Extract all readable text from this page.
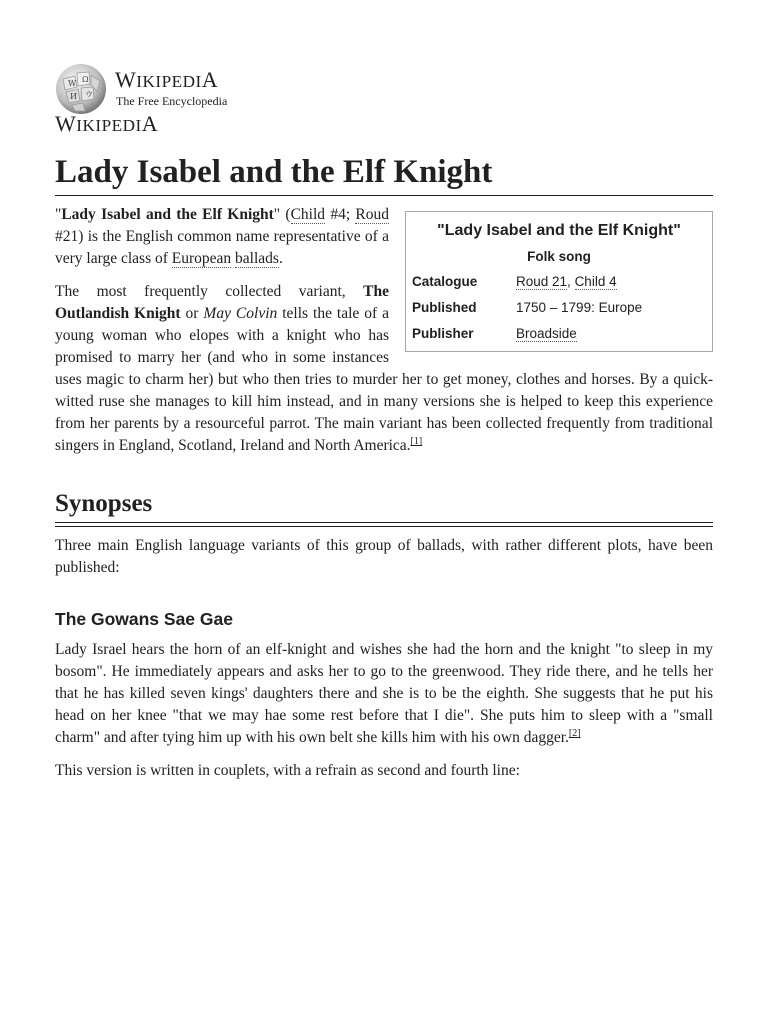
W Ω
И ウ
WIKIPEDIA
The Free Encyclopedia
WIKIPEDIA
Lady Isabel and the Elf Knight
"Lady Isabel and the Elf Knight"
Folk song
Catalogue	Roud 21, Child 4
Published	1750 – 1799: Europe
Publisher	Broadside

"Lady Isabel and the Elf Knight" (Child #4; Roud #21) is the English common name representative of a very large class of European ballads.

The most frequently collected variant, The Outlandish Knight or May Colvin tells the tale of a young woman who elopes with a knight who has promised to marry her (and who in some instances uses magic to charm her) but who then tries to murder her to get money, clothes and horses. By a quick-witted ruse she manages to kill him instead, and in many versions she is helped to keep this experience from her parents by a resourceful parrot. The main variant has been collected frequently from traditional singers in England, Scotland, Ireland and North America.[1]

Synopses

Three main English language variants of this group of ballads, with rather different plots, have been published:

The Gowans Sae Gae

Lady Israel hears the horn of an elf-knight and wishes she had the horn and the knight "to sleep in my bosom". He immediately appears and asks her to go to the greenwood. They ride there, and he tells her that he has killed seven kings' daughters there and she is to be the eighth. She suggests that he put his head on her knee "that we may hae some rest before that I die". She puts him to sleep with a "small charm" and after tying him up with his own belt she kills him with his own dagger.[2]

This version is written in couplets, with a refrain as second and fourth line:
